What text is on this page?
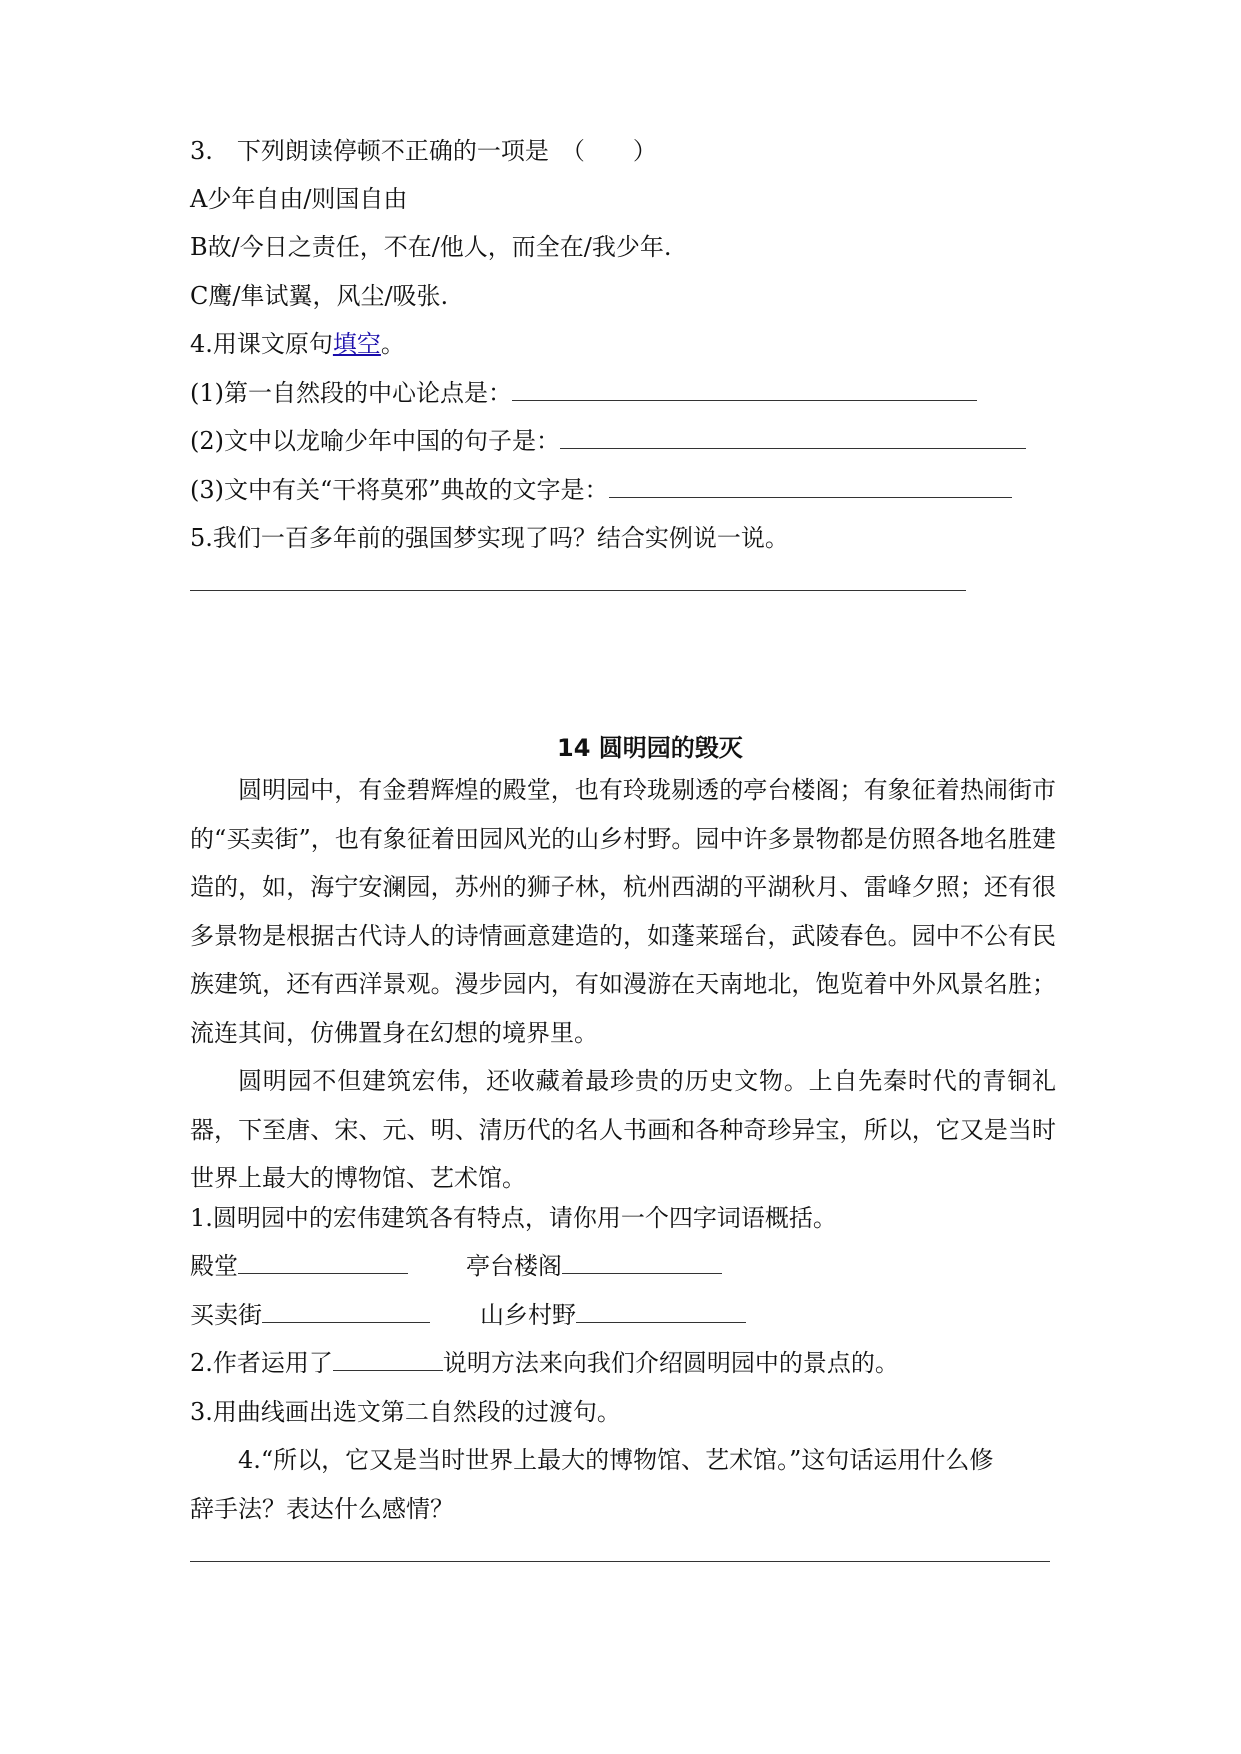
3.　下列朗读停顿不正确的一项是　（　　）
A少年自由/则国自由
B故/今日之责任，不在/他人，而全在/我少年.
C鹰/隼试翼，风尘/吸张.
4.用课文原句填空。
(1)第一自然段的中心论点是：
(2)文中以龙喻少年中国的句子是：
(3)文中有关“干将莫邪”典故的文字是：
5.我们一百多年前的强国梦实现了吗？结合实例说一说。
14 圆明园的毁灭
圆明园中，有金碧辉煌的殿堂，也有玲珑剔透的亭台楼阁；有象征着热闹街市的“买卖街”，也有象征着田园风光的山乡村野。园中许多景物都是仿照各地名胜建造的，如，海宁安澜园，苏州的狮子林，杭州西湖的平湖秋月、雷峰夕照；还有很多景物是根据古代诗人的诗情画意建造的，如蓬莱瑶台，武陵春色。园中不公有民族建筑，还有西洋景观。漫步园内，有如漫游在天南地北，饱览着中外风景名胜；流连其间，仿佛置身在幻想的境界里。
圆明园不但建筑宏伟，还收藏着最珍贵的历史文物。上自先秦时代的青铜礼器，下至唐、宋、元、明、清历代的名人书画和各种奇珍异宝，所以，它又是当时世界上最大的博物馆、艺术馆。
1.圆明园中的宏伟建筑各有特点，请你用一个四字词语概括。
殿堂	亭台楼阁
买卖街	山乡村野
2.作者运用了	说明方法来向我们介绍圆明园中的景点的。
3.用曲线画出选文第二自然段的过渡句。
4.“所以，它又是当时世界上最大的博物馆、艺术馆。”这句话运用什么修
辞手法？表达什么感情？
